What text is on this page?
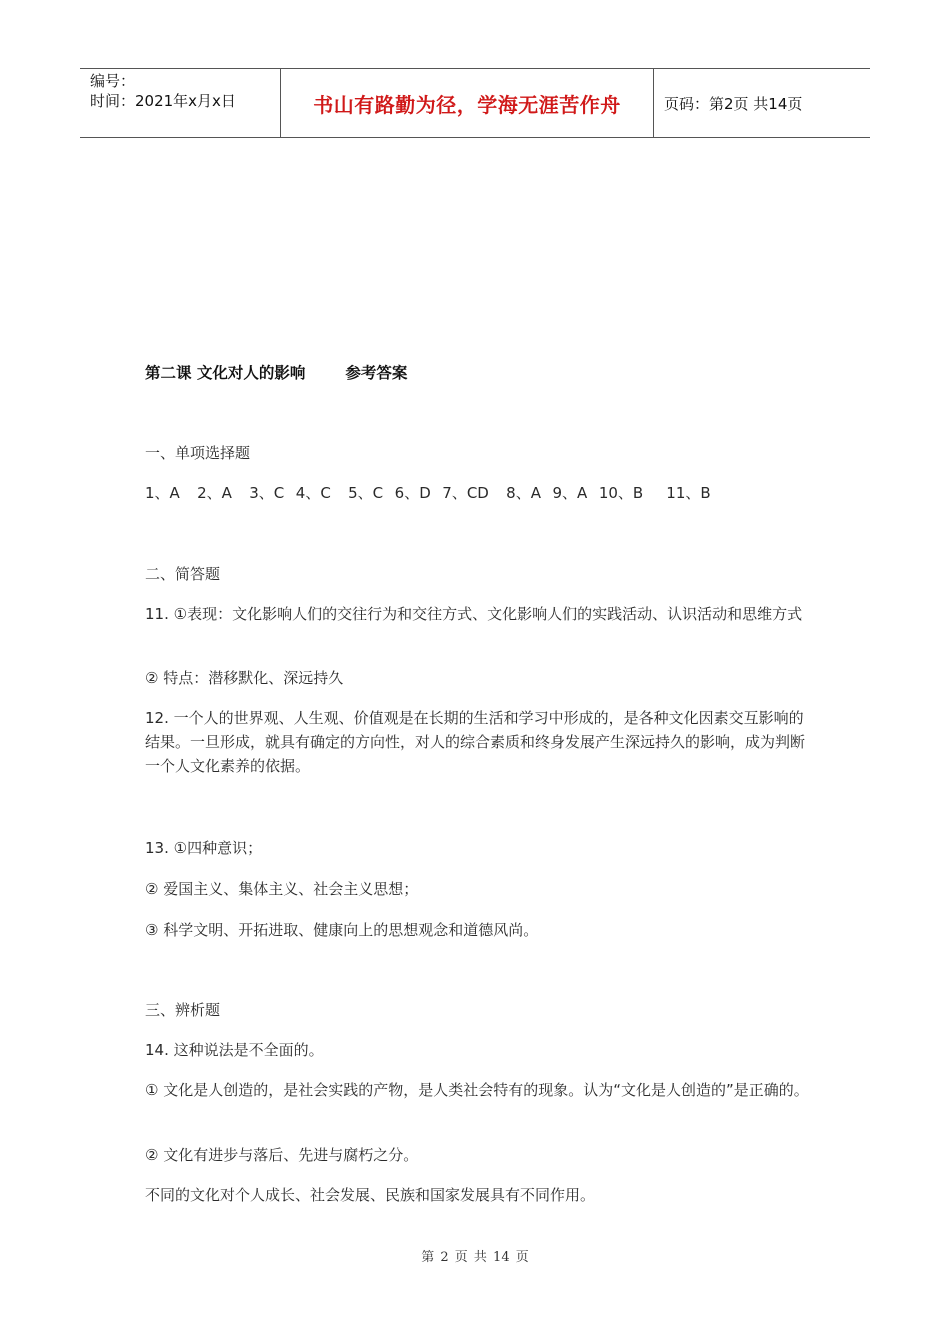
编号：
时间：2021年x月x日	书山有路勤为径，学海无涯苦作舟	页码：第2页 共14页

第二课 文化对人的影响	参考答案

一、单项选择题

1、A   2、A   3、C  4、C   5、C  6、D  7、CD   8、A  9、A  10、B    11、B

二、简答题

11. ①表现：文化影响人们的交往行为和交往方式、文化影响人们的实践活动、认识活动和思维方式

② 特点：潜移默化、深远持久

12. 一个人的世界观、人生观、价值观是在长期的生活和学习中形成的，是各种文化因素交互影响的结果。一旦形成，就具有确定的方向性，对人的综合素质和终身发展产生深远持久的影响，成为判断一个人文化素养的依据。

13. ①四种意识；

② 爱国主义、集体主义、社会主义思想；

③ 科学文明、开拓进取、健康向上的思想观念和道德风尚。

三、辨析题

14. 这种说法是不全面的。

① 文化是人创造的，是社会实践的产物，是人类社会特有的现象。认为“文化是人创造的”是正确的。

② 文化有进步与落后、先进与腐朽之分。

不同的文化对个人成长、社会发展、民族和国家发展具有不同作用。

第 2 页 共 14 页
